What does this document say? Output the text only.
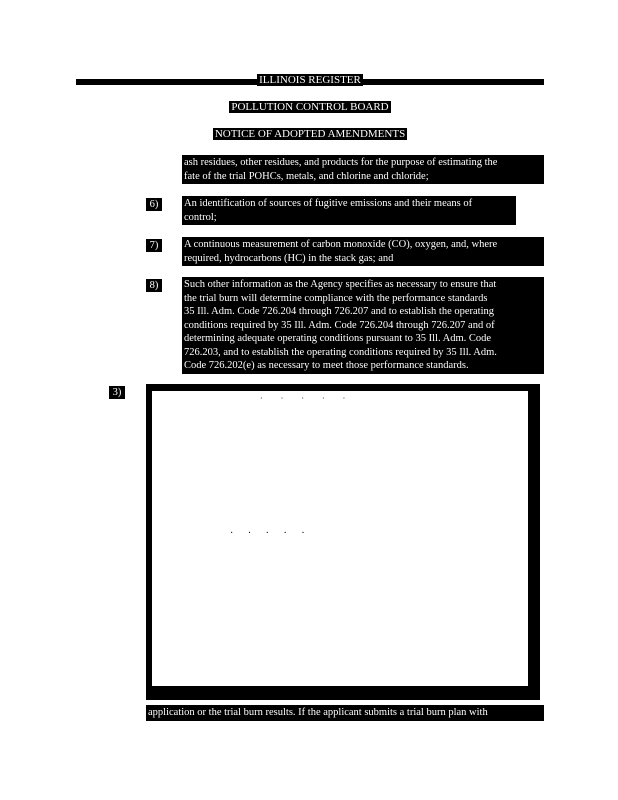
ILLINOIS REGISTER
POLLUTION CONTROL BOARD
NOTICE OF ADOPTED AMENDMENTS
ash residues, other residues, and products for the purpose of estimating the
fate of the trial POHCs, metals, and chlorine and chloride;
6)	An identification of sources of fugitive emissions and their means of
control;
7)	A continuous measurement of carbon monoxide (CO), oxygen, and, where
required, hydrocarbons (HC) in the stack gas; and
8)	Such other information as the Agency specifies as necessary to ensure that
the trial burn will determine compliance with the performance standards
35 Ill. Adm. Code 726.204 through 726.207 and to establish the operating
conditions required by 35 Ill. Adm. Code 726.204 through 726.207 and of
determining adequate operating conditions pursuant to 35 Ill. Adm. Code
726.203, and to establish the operating conditions required by 35 Ill. Adm.
Code 726.202(e) as necessary to meet those performance standards.
3)
· · · · ·
· · · · ·
application or the trial burn results. If the applicant submits a trial burn plan with
